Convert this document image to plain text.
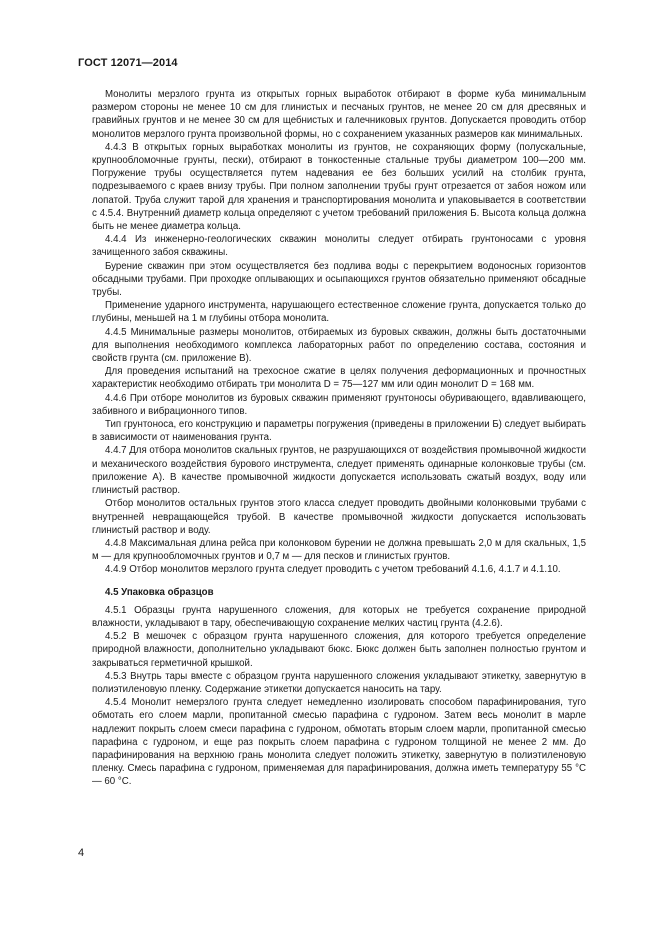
ГОСТ 12071—2014

Монолиты мерзлого грунта из открытых горных выработок отбирают в форме куба минимальным размером стороны не менее 10 см для глинистых и песчаных грунтов, не менее 20 см для дресвяных и гравийных грунтов и не менее 30 см для щебнистых и галечниковых грунтов. Допускается проводить отбор монолитов мерзлого грунта произвольной формы, но с сохранением указанных размеров как минимальных.

4.4.3 В открытых горных выработках монолиты из грунтов, не сохраняющих форму (полускальные, крупнообломочные грунты, пески), отбирают в тонкостенные стальные трубы диаметром 100—200 мм. Погружение трубы осуществляется путем надевания ее без больших усилий на столбик грунта, подрезываемого с краев внизу трубы. При полном заполнении трубы грунт отрезается от забоя ножом или лопатой. Труба служит тарой для хранения и транспортирования монолита и упаковывается в соответствии с 4.5.4. Внутренний диаметр кольца определяют с учетом требований приложения Б. Высота кольца должна быть не менее диаметра кольца.

4.4.4 Из инженерно-геологических скважин монолиты следует отбирать грунтоносами с уровня зачищенного забоя скважины.

Бурение скважин при этом осуществляется без подлива воды с перекрытием водоносных горизонтов обсадными трубами. При проходке оплывающих и осыпающихся грунтов обязательно применяют обсадные трубы.

Применение ударного инструмента, нарушающего естественное сложение грунта, допускается только до глубины, меньшей на 1 м глубины отбора монолита.

4.4.5 Минимальные размеры монолитов, отбираемых из буровых скважин, должны быть достаточными для выполнения необходимого комплекса лабораторных работ по определению состава, состояния и свойств грунта (см. приложение В).

Для проведения испытаний на трехосное сжатие в целях получения деформационных и прочностных характеристик необходимо отбирать три монолита D = 75—127 мм или один монолит D = 168 мм.

4.4.6 При отборе монолитов из буровых скважин применяют грунтоносы обуривающего, вдавливающего, забивного и вибрационного типов.

Тип грунтоноса, его конструкцию и параметры погружения (приведены в приложении Б) следует выбирать в зависимости от наименования грунта.

4.4.7 Для отбора монолитов скальных грунтов, не разрушающихся от воздействия промывочной жидкости и механического воздействия бурового инструмента, следует применять одинарные колонковые трубы (см. приложение А). В качестве промывочной жидкости допускается использовать сжатый воздух, воду или глинистый раствор.

Отбор монолитов остальных грунтов этого класса следует проводить двойными колонковыми трубами с внутренней невращающейся трубой. В качестве промывочной жидкости допускается использовать глинистый раствор и воду.

4.4.8 Максимальная длина рейса при колонковом бурении не должна превышать 2,0 м для скальных, 1,5 м — для крупнообломочных грунтов и 0,7 м — для песков и глинистых грунтов.

4.4.9 Отбор монолитов мерзлого грунта следует проводить с учетом требований 4.1.6, 4.1.7 и 4.1.10.

4.5 Упаковка образцов

4.5.1 Образцы грунта нарушенного сложения, для которых не требуется сохранение природной влажности, укладывают в тару, обеспечивающую сохранение мелких частиц грунта (4.2.6).

4.5.2 В мешочек с образцом грунта нарушенного сложения, для которого требуется определение природной влажности, дополнительно укладывают бюкс. Бюкс должен быть заполнен полностью грунтом и закрываться герметичной крышкой.

4.5.3 Внутрь тары вместе с образцом грунта нарушенного сложения укладывают этикетку, завернутую в полиэтиленовую пленку. Содержание этикетки допускается наносить на тару.

4.5.4 Монолит немерзлого грунта следует немедленно изолировать способом парафинирования, туго обмотать его слоем марли, пропитанной смесью парафина с гудроном. Затем весь монолит в марле надлежит покрыть слоем смеси парафина с гудроном, обмотать вторым слоем марли, пропитанной смесью парафина с гудроном, и еще раз покрыть слоем парафина с гудроном толщиной не менее 2 мм. До парафинирования на верхнюю грань монолита следует положить этикетку, завернутую в полиэтиленовую пленку. Смесь парафина с гудроном, применяемая для парафинирования, должна иметь температуру 55 °С — 60 °С.

4
